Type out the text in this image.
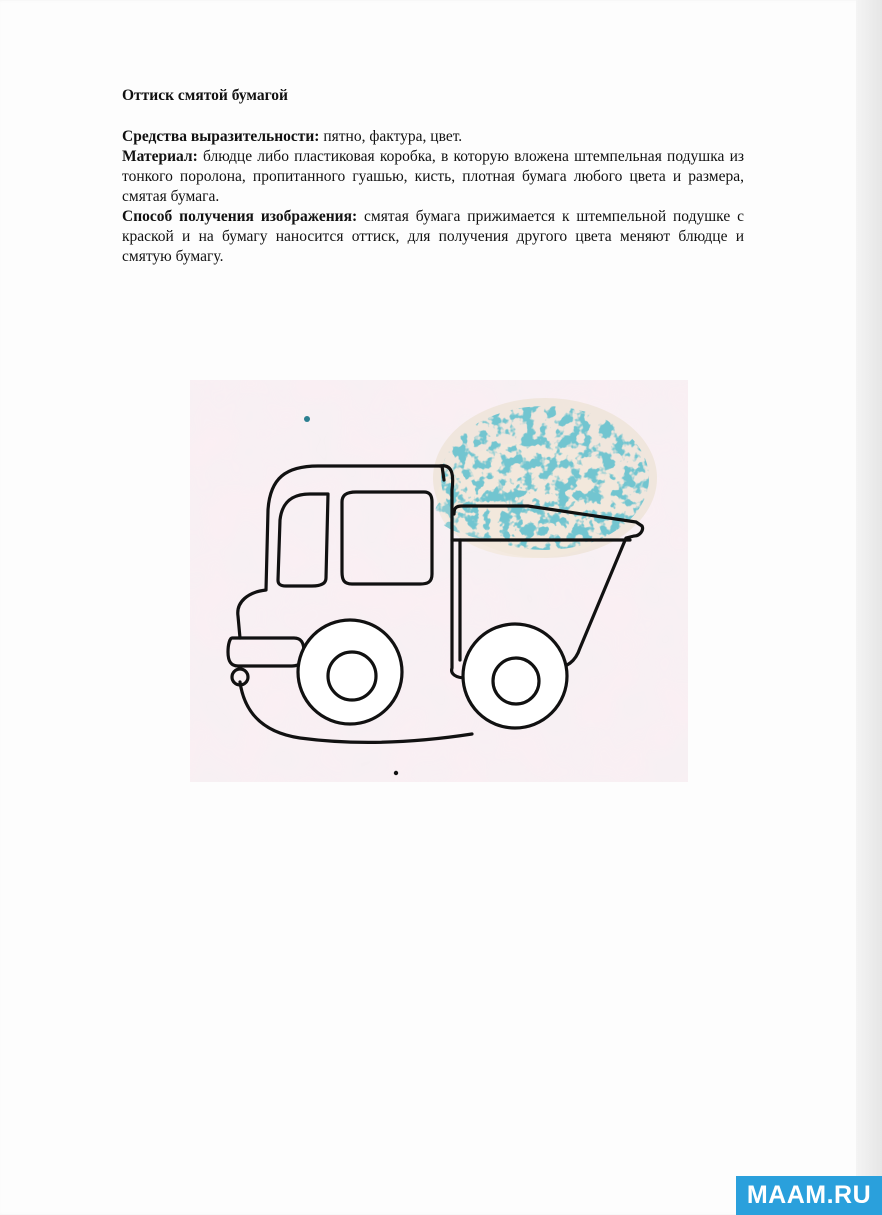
Оттиск смятой бумагой

Средства выразительности: пятно, фактура, цвет.

Материал: блюдце либо пластиковая коробка, в которую вложена штемпельная подушка из тонкого поролона, пропитанного гуашью, кисть, плотная бумага любого цвета и размера, смятая бумага.

Способ получения изображения: смятая бумага прижимается к штемпельной подушке с краской и на бумагу наносится оттиск, для получения другого цвета меняют блюдце и смятую бумагу.

MAAM.RU
